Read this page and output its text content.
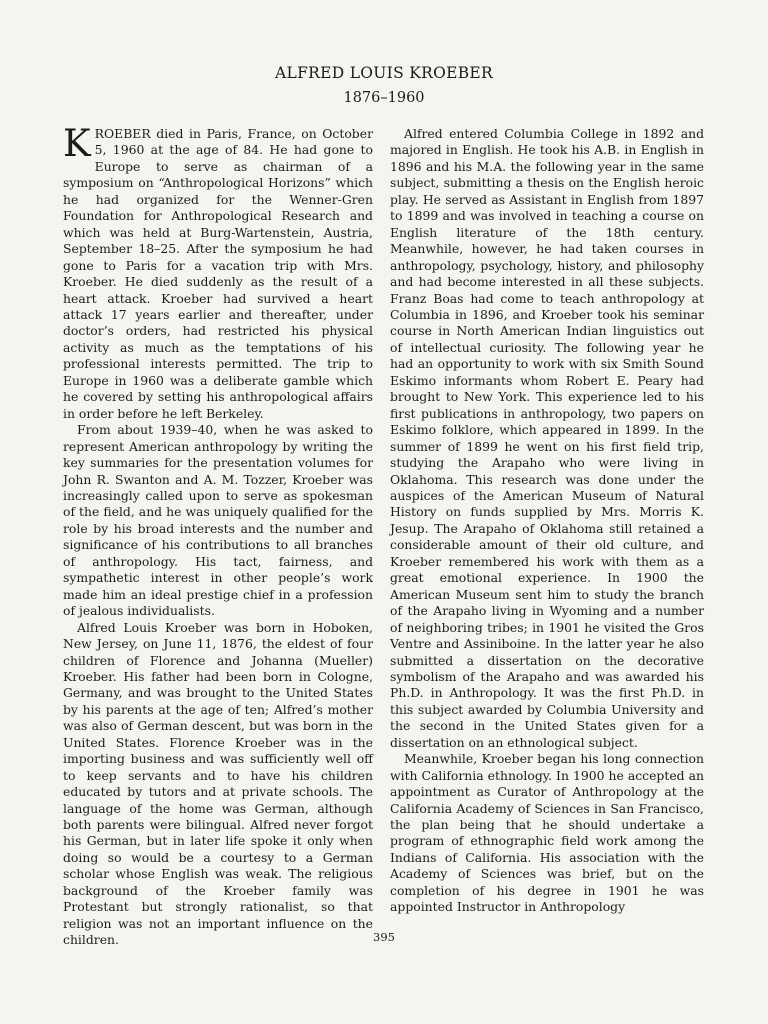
ALFRED LOUIS KROEBER
1876–1960

KROEBER died in Paris, France, on October 5, 1960 at the age of 84. He had gone to Europe to serve as chairman of a symposium on “Anthropological Horizons” which he had organized for the Wenner-Gren Foundation for Anthropological Research and which was held at Burg-Wartenstein, Austria, September 18–25. After the symposium he had gone to Paris for a vacation trip with Mrs. Kroeber. He died suddenly as the result of a heart attack. Kroeber had survived a heart attack 17 years earlier and thereafter, under doctor’s orders, had restricted his physical activity as much as the temptations of his professional interests permitted. The trip to Europe in 1960 was a deliberate gamble which he covered by setting his anthropological affairs in order before he left Berkeley.

From about 1939–40, when he was asked to represent American anthropology by writing the key summaries for the presentation volumes for John R. Swanton and A. M. Tozzer, Kroeber was increasingly called upon to serve as spokesman of the field, and he was uniquely qualified for the role by his broad interests and the number and significance of his contributions to all branches of anthropology. His tact, fairness, and sympathetic interest in other people’s work made him an ideal prestige chief in a profession of jealous individualists.

Alfred Louis Kroeber was born in Hoboken, New Jersey, on June 11, 1876, the eldest of four children of Florence and Johanna (Mueller) Kroeber. His father had been born in Cologne, Germany, and was brought to the United States by his parents at the age of ten; Alfred’s mother was also of German descent, but was born in the United States. Florence Kroeber was in the importing business and was sufficiently well off to keep servants and to have his children educated by tutors and at private schools. The language of the home was German, although both parents were bilingual. Alfred never forgot his German, but in later life spoke it only when doing so would be a courtesy to a German scholar whose English was weak. The religious background of the Kroeber family was Protestant but strongly rationalist, so that religion was not an important influence on the children.

Alfred entered Columbia College in 1892 and majored in English. He took his A.B. in English in 1896 and his M.A. the following year in the same subject, submitting a thesis on the English heroic play. He served as Assistant in English from 1897 to 1899 and was involved in teaching a course on English literature of the 18th century. Meanwhile, however, he had taken courses in anthropology, psychology, history, and philosophy and had become interested in all these subjects. Franz Boas had come to teach anthropology at Columbia in 1896, and Kroeber took his seminar course in North American Indian linguistics out of intellectual curiosity. The following year he had an opportunity to work with six Smith Sound Eskimo informants whom Robert E. Peary had brought to New York. This experience led to his first publications in anthropology, two papers on Eskimo folklore, which appeared in 1899. In the summer of 1899 he went on his first field trip, studying the Arapaho who were living in Oklahoma. This research was done under the auspices of the American Museum of Natural History on funds supplied by Mrs. Morris K. Jesup. The Arapaho of Oklahoma still retained a considerable amount of their old culture, and Kroeber remembered his work with them as a great emotional experience. In 1900 the American Museum sent him to study the branch of the Arapaho living in Wyoming and a number of neighboring tribes; in 1901 he visited the Gros Ventre and Assiniboine. In the latter year he also submitted a dissertation on the decorative symbolism of the Arapaho and was awarded his Ph.D. in Anthropology. It was the first Ph.D. in this subject awarded by Columbia University and the second in the United States given for a dissertation on an ethnological subject.

Meanwhile, Kroeber began his long connection with California ethnology. In 1900 he accepted an appointment as Curator of Anthropology at the California Academy of Sciences in San Francisco, the plan being that he should undertake a program of ethnographic field work among the Indians of California. His association with the Academy of Sciences was brief, but on the completion of his degree in 1901 he was appointed Instructor in Anthropology

395
